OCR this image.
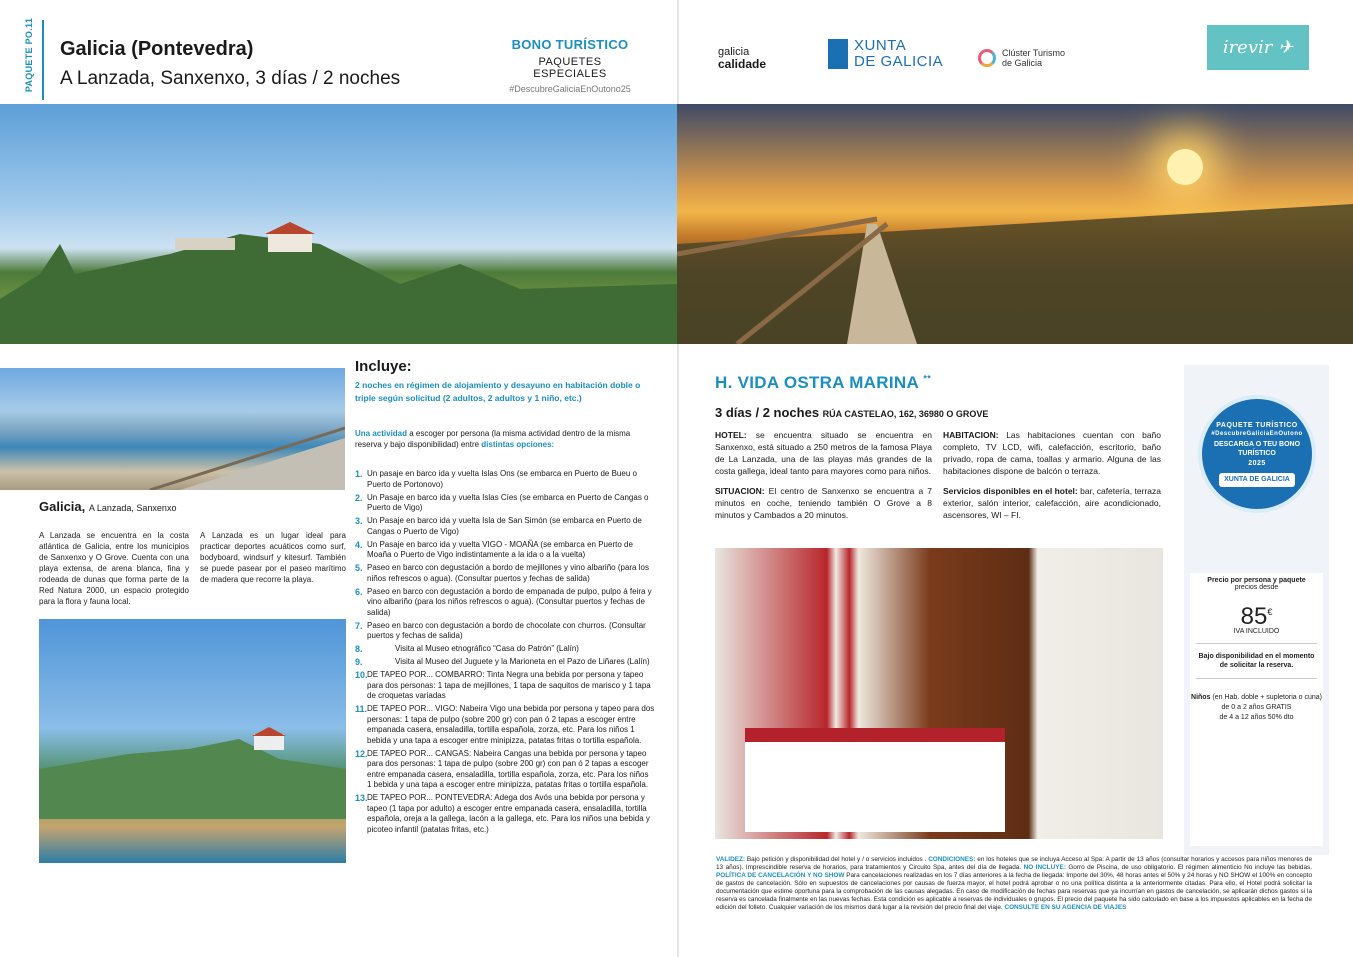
PAQUETE PO.11 Galicia (Pontevedra)
A Lanzada, Sanxenxo, 3 días / 2 noches
BONO TURÍSTICO
PAQUETES ESPECIALES
#DescubreGaliciaEnOutono25
galicia
calidade
XUNTA
DE GALICIA	Clúster Turismo
de Galicia
irevir
✈
Galicia, A Lanzada, Sanxenxo
A Lanzada se encuentra en la costa atlántica de Galicia, entre los municipios de Sanxenxo y O Grove. Cuenta con una playa extensa, de arena blanca, fina y rodeada de dunas que forma parte de la Red Natura 2000, un espacio protegido para la flora y fauna local.
A Lanzada es un lugar ideal para practicar deportes acuáticos como surf, bodyboard, windsurf y kitesurf. También se puede pasear por el paseo marítimo de madera que recorre la playa.
Incluye:
2 noches en régimen de alojamiento y desayuno en habitación doble o triple según solicitud (2 adultos, 2 adultos y 1 niño, etc.)
Una actividad a escoger por persona (la misma actividad dentro de la misma reserva y bajo disponibilidad) entre distintas opciones:
1. Un pasaje en barco ida y vuelta Islas Ons (se embarca en Puerto de Bueu o Puerto de Portonovo)
2. Un Pasaje en barco ida y vuelta Islas Cíes (se embarca en Puerto de Cangas o Puerto de Vigo)
3. Un Pasaje en barco ida y vuelta Isla de San Simón (se embarca en Puerto de Cangas o Puerto de Vigo)
4. Un Pasaje en barco ida y vuelta VIGO - MOAÑA (se embarca en Puerto de Moaña o Puerto de Vigo indistintamente a la ida o a la vuelta)
5. Paseo en barco con degustación a bordo de mejillones y vino albariño (para los niños refrescos o agua). (Consultar puertos y fechas de salida)
6. Paseo en barco con degustación a bordo de empanada de pulpo, pulpo á feira y vino albariño (para los niños refrescos o agua). (Consultar puertos y fechas de salida)
7. Paseo en barco con degustación a bordo de chocolate con churros. (Consultar puertos y fechas de salida)
8.	Visita al Museo etnográfico “Casa do Patrón” (Lalín)
9.	Visita al Museo del Juguete y la Marioneta en el Pazo de Liñares (Lalín)
10. DE TAPEO POR... COMBARRO: Tinta Negra una bebida por persona y tapeo para dos personas: 1 tapa de mejillones, 1 tapa de saquitos de marisco y 1 tapa de croquetas variadas
11. DE TAPEO POR... VIGO: Nabeira Vigo una bebida por persona y tapeo para dos personas: 1 tapa de pulpo (sobre 200 gr) con pan ó 2 tapas a escoger entre empanada casera, ensaladilla, tortilla española, zorza, etc. Para los niños 1 bebida y una tapa a escoger entre minipizza, patatas fritas o tortilla española.
12. DE TAPEO POR... CANGAS: Nabeira Cangas una bebida por persona y tapeo para dos personas: 1 tapa de pulpo (sobre 200 gr) con pan ó 2 tapas a escoger entre empanada casera, ensaladilla, tortilla española, zorza, etc. Para los niños 1 bebida y una tapa a escoger entre minipizza, patatas fritas o tortilla española.
13. DE TAPEO POR... PONTEVEDRA: Adega dos Avós una bebida por persona y tapeo (1 tapa por adulto) a escoger entre empanada casera, ensaladilla, tortilla española, oreja a la gallega, lacón a la gallega, etc. Para los niños una bebida y picoteo infantil (patatas fritas, etc.)
H. VIDA OSTRA MARINA **
3 días / 2 noches RÚA CASTELAO, 162, 36980 O GROVE

HOTEL: se encuentra situado se encuentra en Sanxenxo, está situado a 250 metros de la famosa Playa de La Lanzada, una de las playas más grandes de la costa gallega, ideal tanto para mayores como para niños.

SITUACION: El centro de Sanxenxo se encuentra a 7 minutos en coche, teniendo también O Grove a 8 minutos y Cambados a 20 minutos.

HABITACION: Las habitaciones cuentan con baño completo, TV LCD, wifi, calefacción, escritorio, baño privado, ropa de cama, toallas y armario. Alguna de las habitaciones dispone de balcón o terraza.

Servicios disponibles en el hotel: bar, cafetería, terraza exterior, salón interior, calefacción, aire acondicionado, ascensores, WI – FI.

PAQUETE TURÍSTICO
#DescubreGaliciaEnOutono
DESCARGA O TEU BONO TURÍSTICO
2025
XUNTA DE GALICIA
Precio por persona y paquete
precios desde
85€
IVA INCLUIDO
Bajo disponibilidad en el momento de solicitar la reserva.
Niños (en Hab. doble + supletoria o cuna)
de 0 a 2 años GRATIS
de 4 a 12 años 50% dto
VALIDEZ: Bajo petición y disponibilidad del hotel y / o servicios incluidos . CONDICIONES: en los hoteles que se incluya Acceso al Spa: A partir de 13 años (consultar horarios y accesos para niños menores de 13 años). Imprescindible reserva de horarios, para tratamientos y Circuito Spa, antes del día de llegada. NO INCLUYE: Gorro de Piscina, de uso obligatorio. El régimen alimenticio No incluye las bebidas. POLÍTICA DE CANCELACIÓN Y NO SHOW Para cancelaciones realizadas en los 7 días anteriores a la fecha de llegada: Importe del 30%, 48 horas antes el 50% y 24 horas y NO SHOW el 100% en concepto de gastos de cancelación. Sólo en supuestos de cancelaciones por causas de fuerza mayor, el hotel podrá aprobar o no una política distinta a la anteriormente citadas. Para ello, el Hotel podrá solicitar la documentación que estime oportuna para la comprobación de las causas alegadas. En caso de modificación de fechas para reservas que ya incurrían en gastos de cancelación, se aplicarán dichos gastos si la reserva es cancelada finalmente en las nuevas fechas. Esta condición es aplicable a reservas de individuales o grupos. El precio del paquete ha sido calculado en base a los impuestos aplicables en la fecha de edición del folleto. Cualquier variación de los mismos dará lugar a la revisión del precio final del viaje. CONSULTE EN SU AGENCIA DE VIAJES
